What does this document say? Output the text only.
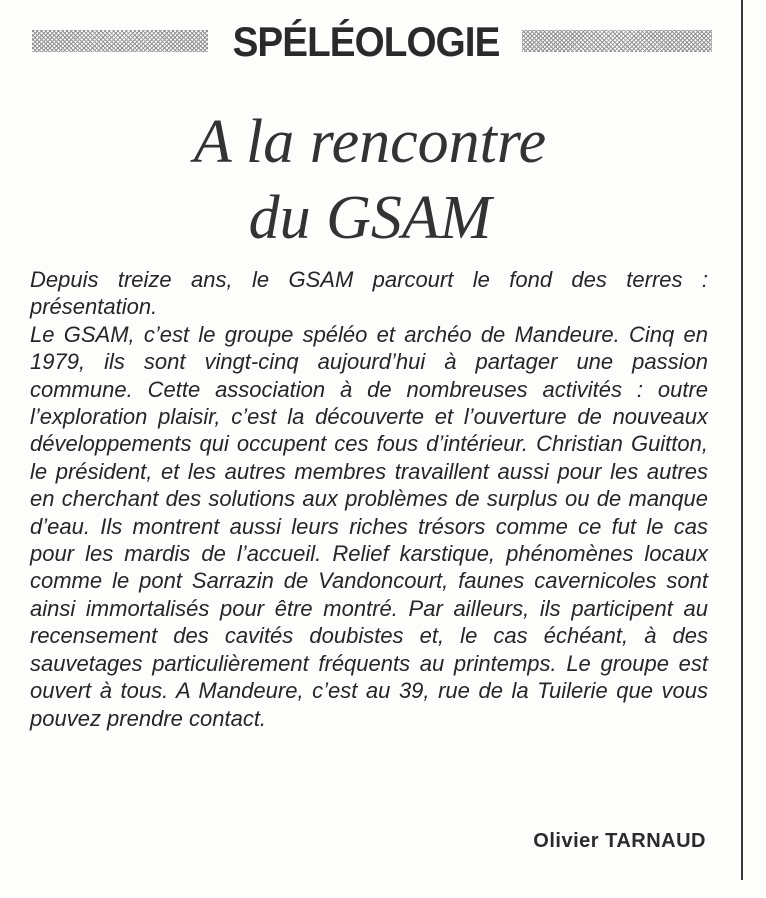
SPÉLÉOLOGIE
A la rencontre
du GSAM

Depuis treize ans, le GSAM parcourt le fond des terres : présentation.

Le GSAM, c’est le groupe spéléo et archéo de Mandeure. Cinq en 1979, ils sont vingt-cinq aujourd’hui à partager une passion commune. Cette association à de nombreuses activités : outre l’exploration plaisir, c’est la découverte et l’ouverture de nouveaux développements qui occupent ces fous d’intérieur. Christian Guitton, le président, et les autres membres travaillent aussi pour les autres en cherchant des solutions aux problèmes de surplus ou de manque d’eau. Ils montrent aussi leurs riches trésors comme ce fut le cas pour les mardis de l’accueil. Relief karstique, phénomènes locaux comme le pont Sarrazin de Vandoncourt, faunes cavernicoles sont ainsi immortalisés pour être montré. Par ailleurs, ils participent au recensement des cavités doubistes et, le cas échéant, à des sauvetages particulièrement fréquents au printemps. Le groupe est ouvert à tous. A Mandeure, c’est au 39, rue de la Tuilerie que vous pouvez prendre contact.

Olivier TARNAUD
